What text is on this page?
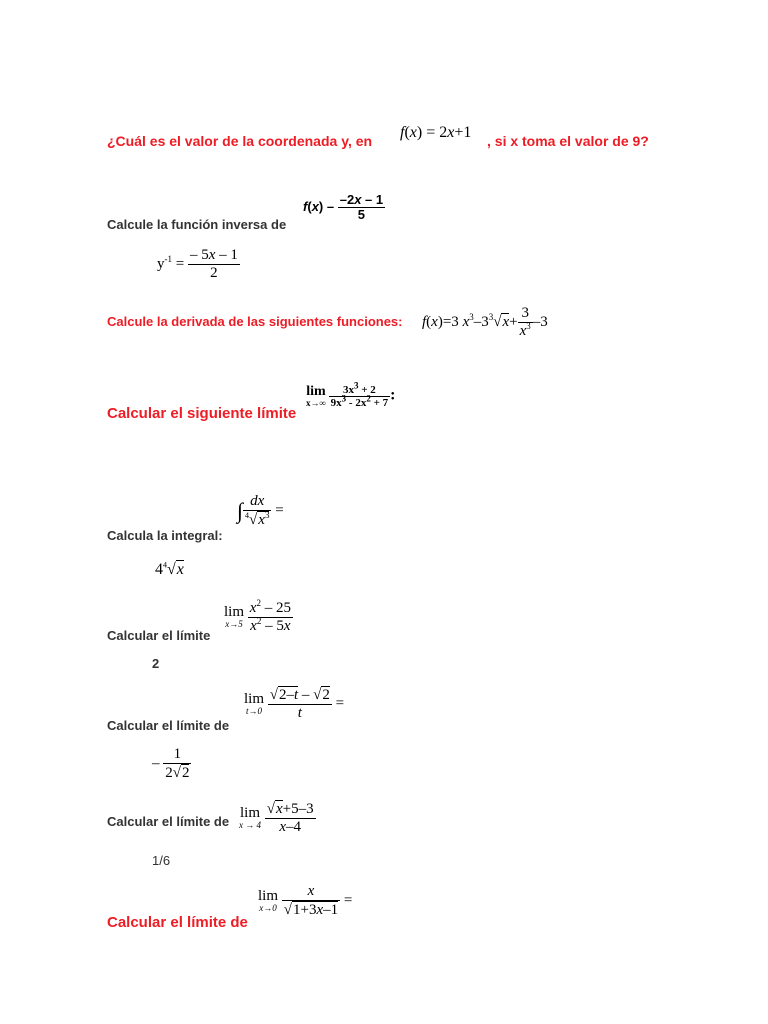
¿Cuál es el valor de la coordenada y, en f(x) = 2x+1 , si x toma el valor de 9?
Calcule la función inversa de
$f(x) - \frac{-2x - 1}{5}$
$y^{-1} = \frac{- 5x - 1}{2}$
Calcule la derivada de las siguientes funciones: f(x)=3 $x^3-3^3√x+ \frac{3}{x^3} -3$
Calcular el siguiente límite
lim
x→∞
$\frac{3x^3 + 2}{9x^3 - 2x^2 + 7}$ :
Calcula la integral:
∫ $\frac{dx}{^4√x^3}$ =
$4^4√x$
Calcular el límite
lim
x→5
$\frac{x^2 - 25}{x^2 - 5x}$
2
Calcular el límite de
lim
t→0
$\frac{√2-t - √2}{t}$ =
– $\frac{1}{2√2}$
Calcular el límite de
lim
x → 4
$\frac{√x+5-3}{x-4}$
1/6
Calcular el límite de
lim
x→0
$\frac{x}{√1+3x-1}$ =
